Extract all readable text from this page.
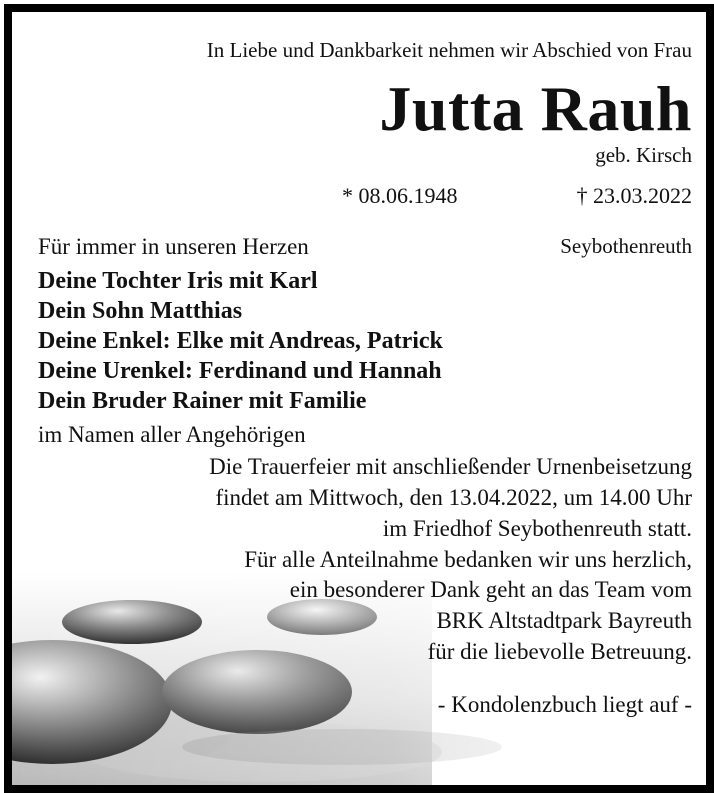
In Liebe und Dankbarkeit nehmen wir Abschied von Frau
Jutta Rauh
geb. Kirsch
* 08.06.1948	† 23.03.2022
Für immer in unseren Herzen	Seybothenreuth
Deine Tochter Iris mit Karl
Dein Sohn Matthias
Deine Enkel: Elke mit Andreas, Patrick
Deine Urenkel: Ferdinand und Hannah
Dein Bruder Rainer mit Familie
im Namen aller Angehörigen
Die Trauerfeier mit anschließender Urnenbeisetzung
findet am Mittwoch, den 13.04.2022, um 14.00 Uhr
im Friedhof Seybothenreuth statt.
Für alle Anteilnahme bedanken wir uns herzlich,
ein besonderer Dank geht an das Team vom
BRK Altstadtpark Bayreuth
für die liebevolle Betreuung.
- Kondolenzbuch liegt auf -
